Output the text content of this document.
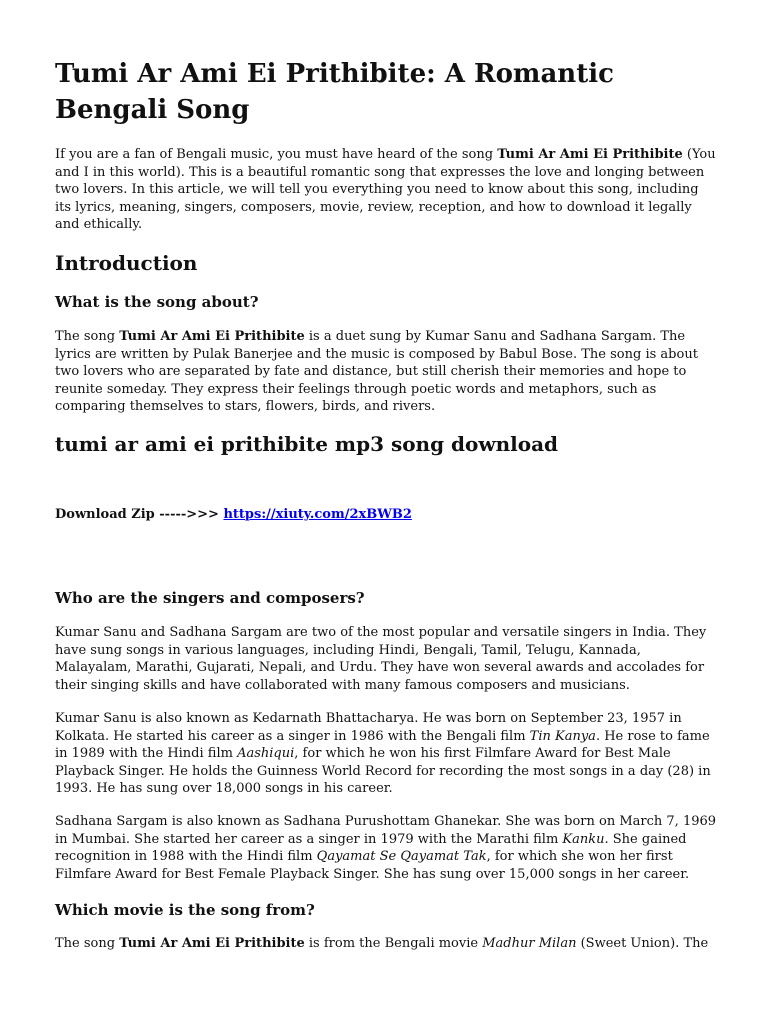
Tumi Ar Ami Ei Prithibite: A Romantic Bengali Song

If you are a fan of Bengali music, you must have heard of the song Tumi Ar Ami Ei Prithibite (You and I in this world). This is a beautiful romantic song that expresses the love and longing between two lovers. In this article, we will tell you everything you need to know about this song, including its lyrics, meaning, singers, composers, movie, review, reception, and how to download it legally and ethically.

Introduction
What is the song about?

The song Tumi Ar Ami Ei Prithibite is a duet sung by Kumar Sanu and Sadhana Sargam. The lyrics are written by Pulak Banerjee and the music is composed by Babul Bose. The song is about two lovers who are separated by fate and distance, but still cherish their memories and hope to reunite someday. They express their feelings through poetic words and metaphors, such as comparing themselves to stars, flowers, birds, and rivers.

tumi ar ami ei prithibite mp3 song download

Download Zip ----->>> https://xiuty.com/2xBWB2

Who are the singers and composers?

Kumar Sanu and Sadhana Sargam are two of the most popular and versatile singers in India. They have sung songs in various languages, including Hindi, Bengali, Tamil, Telugu, Kannada, Malayalam, Marathi, Gujarati, Nepali, and Urdu. They have won several awards and accolades for their singing skills and have collaborated with many famous composers and musicians.

Kumar Sanu is also known as Kedarnath Bhattacharya. He was born on September 23, 1957 in Kolkata. He started his career as a singer in 1986 with the Bengali film Tin Kanya. He rose to fame in 1989 with the Hindi film Aashiqui, for which he won his first Filmfare Award for Best Male Playback Singer. He holds the Guinness World Record for recording the most songs in a day (28) in 1993. He has sung over 18,000 songs in his career.

Sadhana Sargam is also known as Sadhana Purushottam Ghanekar. She was born on March 7, 1969 in Mumbai. She started her career as a singer in 1979 with the Marathi film Kanku. She gained recognition in 1988 with the Hindi film Qayamat Se Qayamat Tak, for which she won her first Filmfare Award for Best Female Playback Singer. She has sung over 15,000 songs in her career.

Which movie is the song from?

The song Tumi Ar Ami Ei Prithibite is from the Bengali movie Madhur Milan (Sweet Union). The
